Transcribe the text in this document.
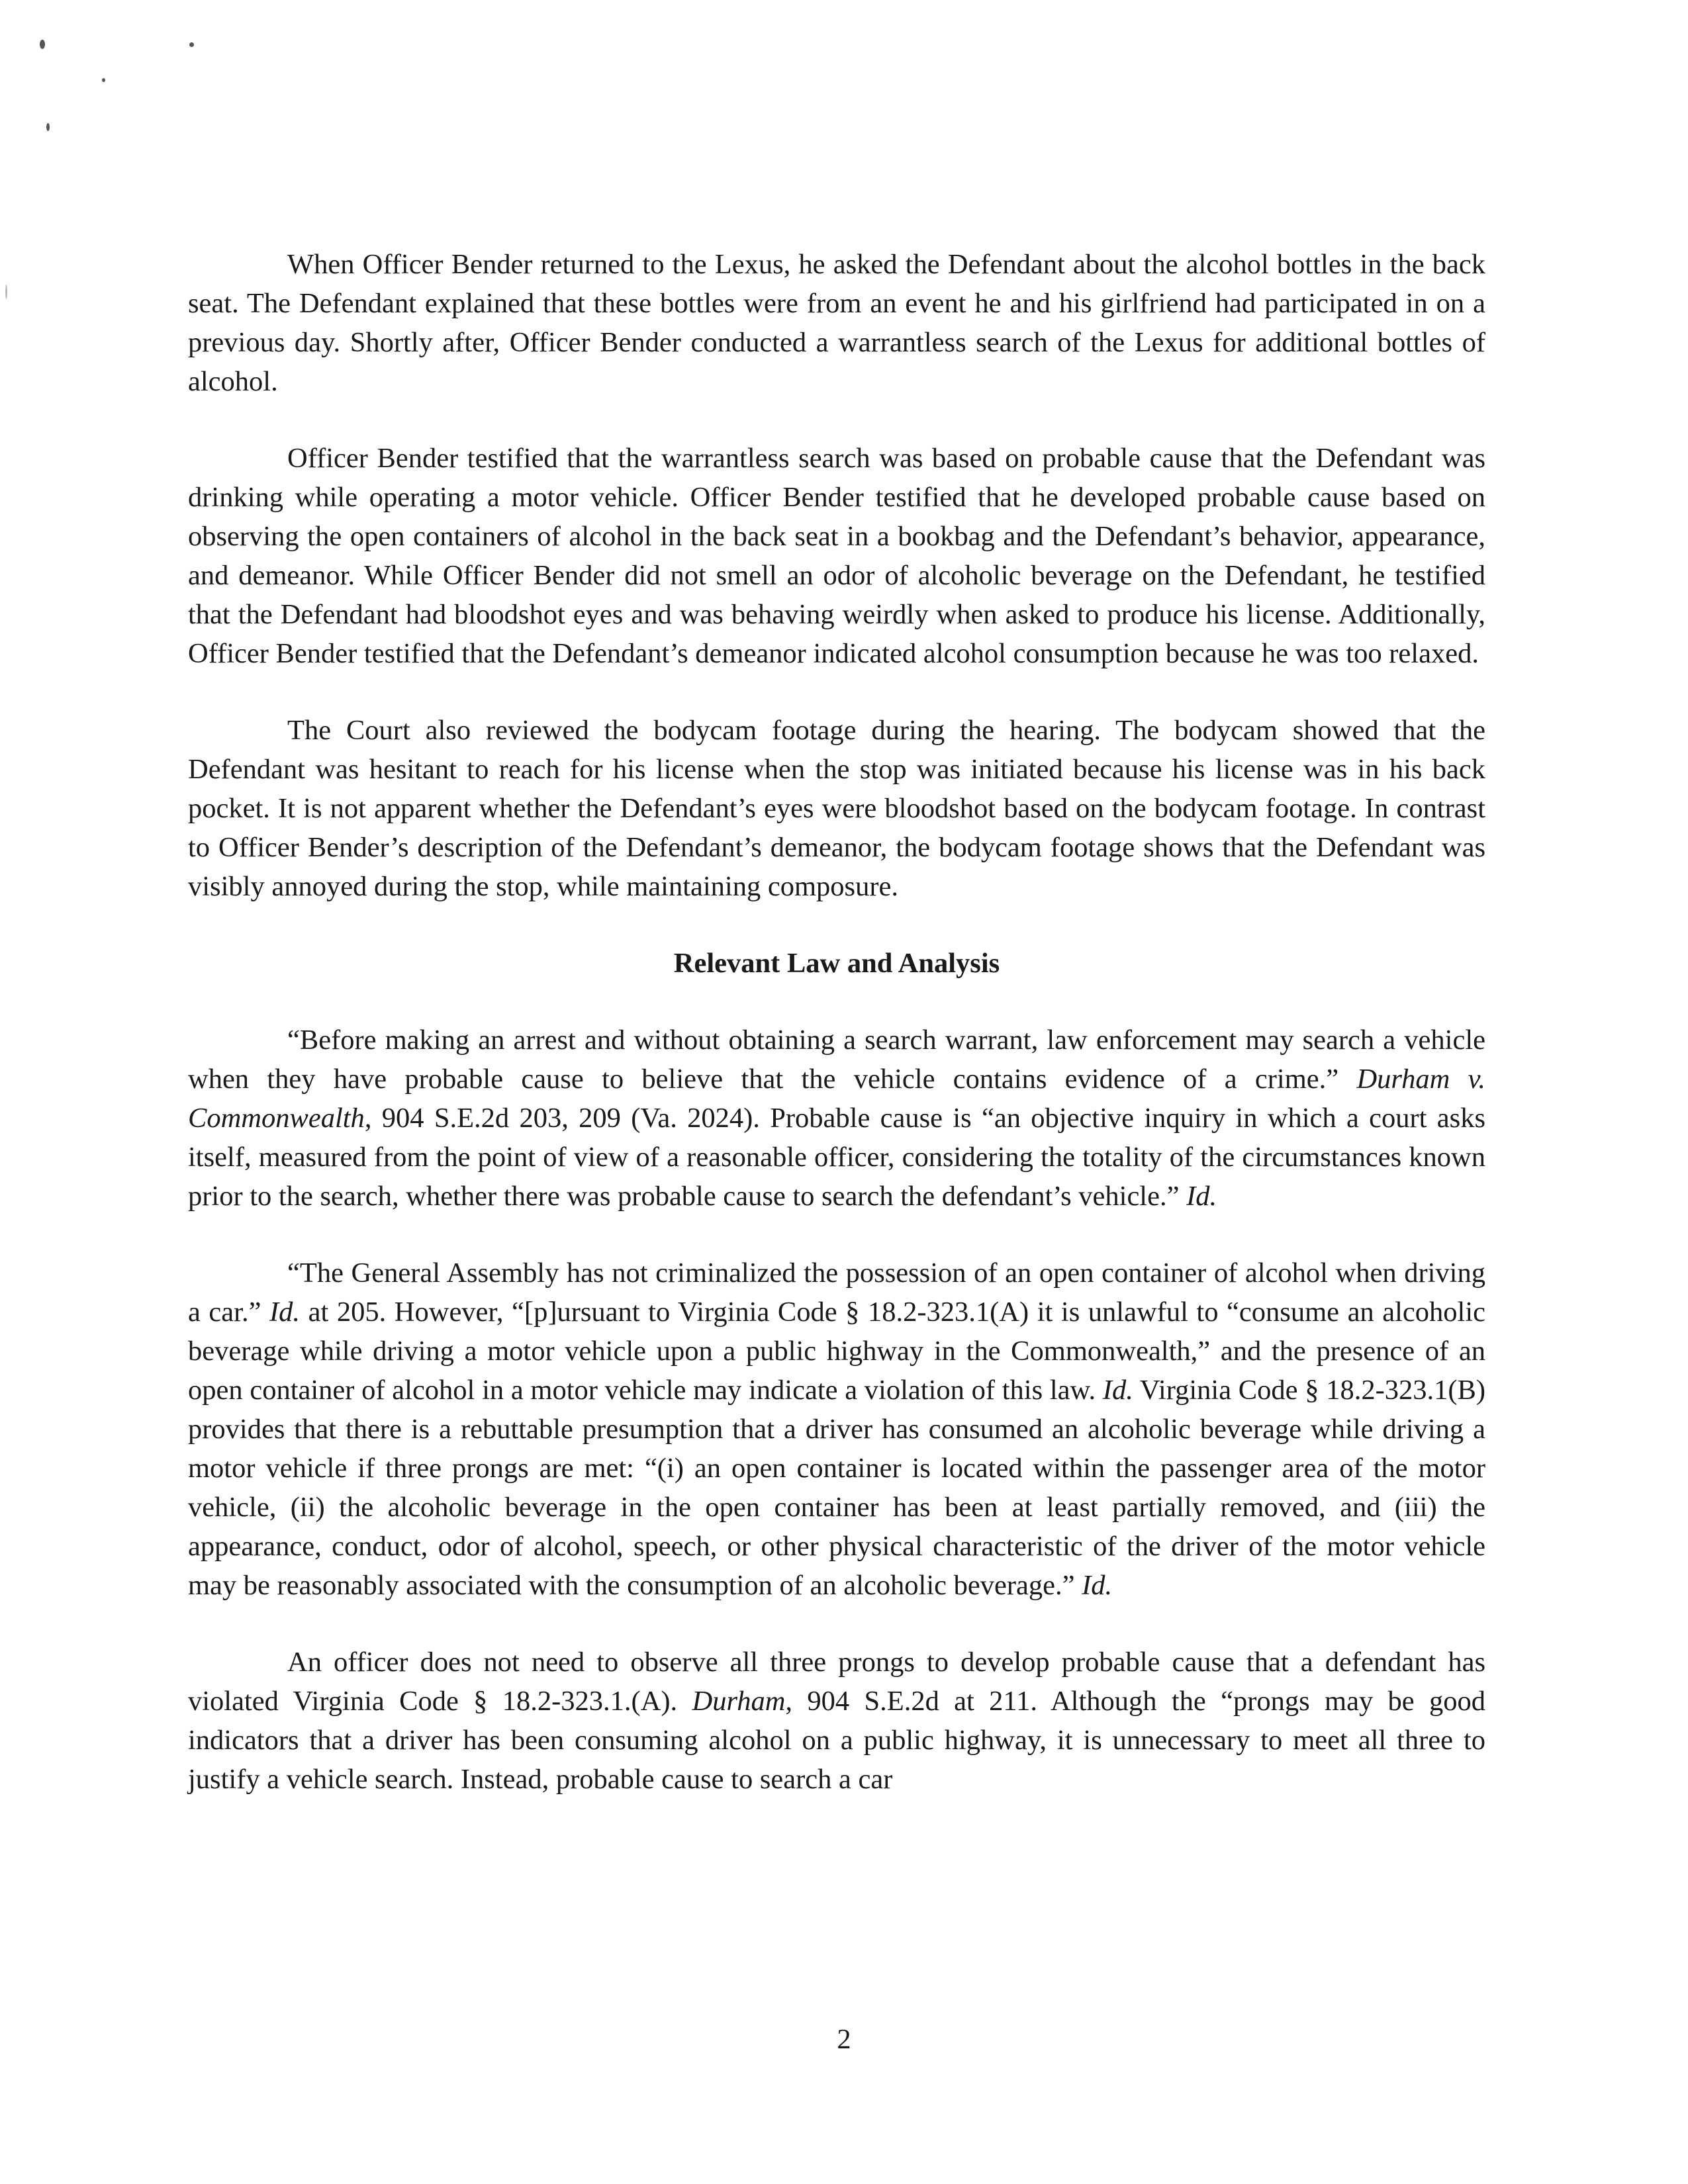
When Officer Bender returned to the Lexus, he asked the Defendant about the alcohol bottles in the back seat. The Defendant explained that these bottles were from an event he and his girlfriend had participated in on a previous day. Shortly after, Officer Bender conducted a warrantless search of the Lexus for additional bottles of alcohol.

Officer Bender testified that the warrantless search was based on probable cause that the Defendant was drinking while operating a motor vehicle. Officer Bender testified that he developed probable cause based on observing the open containers of alcohol in the back seat in a bookbag and the Defendant’s behavior, appearance, and demeanor. While Officer Bender did not smell an odor of alcoholic beverage on the Defendant, he testified that the Defendant had bloodshot eyes and was behaving weirdly when asked to produce his license. Additionally, Officer Bender testified that the Defendant’s demeanor indicated alcohol consumption because he was too relaxed.

The Court also reviewed the bodycam footage during the hearing. The bodycam showed that the Defendant was hesitant to reach for his license when the stop was initiated because his license was in his back pocket. It is not apparent whether the Defendant’s eyes were bloodshot based on the bodycam footage. In contrast to Officer Bender’s description of the Defendant’s demeanor, the bodycam footage shows that the Defendant was visibly annoyed during the stop, while maintaining composure.

Relevant Law and Analysis

“Before making an arrest and without obtaining a search warrant, law enforcement may search a vehicle when they have probable cause to believe that the vehicle contains evidence of a crime.” Durham v. Commonwealth, 904 S.E.2d 203, 209 (Va. 2024). Probable cause is “an objective inquiry in which a court asks itself, measured from the point of view of a reasonable officer, considering the totality of the circumstances known prior to the search, whether there was probable cause to search the defendant’s vehicle.” Id.

“The General Assembly has not criminalized the possession of an open container of alcohol when driving a car.” Id. at 205. However, “[p]ursuant to Virginia Code § 18.2-323.1(A) it is unlawful to “consume an alcoholic beverage while driving a motor vehicle upon a public highway in the Commonwealth,” and the presence of an open container of alcohol in a motor vehicle may indicate a violation of this law. Id. Virginia Code § 18.2-323.1(B) provides that there is a rebuttable presumption that a driver has consumed an alcoholic beverage while driving a motor vehicle if three prongs are met: “(i) an open container is located within the passenger area of the motor vehicle, (ii) the alcoholic beverage in the open container has been at least partially removed, and (iii) the appearance, conduct, odor of alcohol, speech, or other physical characteristic of the driver of the motor vehicle may be reasonably associated with the consumption of an alcoholic beverage.” Id.

An officer does not need to observe all three prongs to develop probable cause that a defendant has violated Virginia Code § 18.2-323.1.(A). Durham, 904 S.E.2d at 211. Although the “prongs may be good indicators that a driver has been consuming alcohol on a public highway, it is unnecessary to meet all three to justify a vehicle search. Instead, probable cause to search a car

2
